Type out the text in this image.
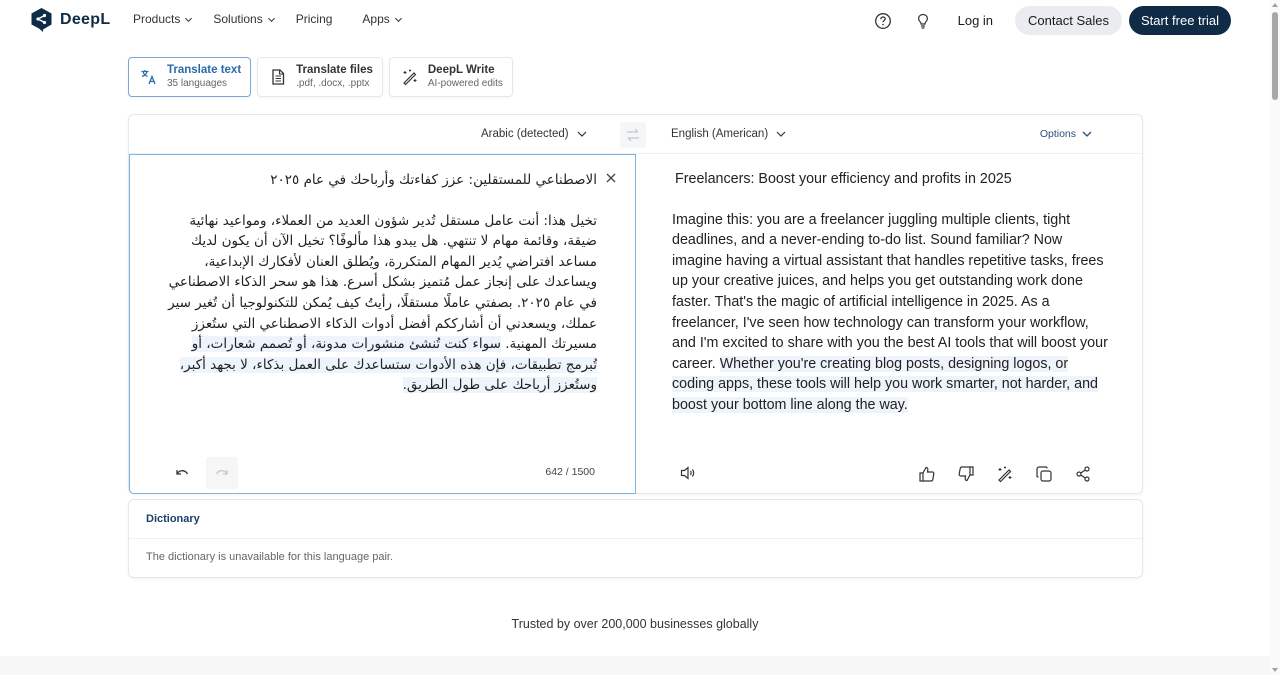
DeepL Products	Solutions	Pricing	Apps	Log in	Contact Sales	Start free trial
Translate text
35 languages
Translate files
.pdf, .docx, .pptx
DeepL Write
AI-powered edits
Arabic (detected)	English (American)	Options
الاصطناعي للمستقلين: عزز كفاءتك وأرباحك في عام ٢٠٢٥
تخيل هذا: أنت عامل مستقل تُدير شؤون العديد من العملاء، ومواعيد نهائية ضيقة، وقائمة مهام لا تنتهي. هل يبدو هذا مألوفًا؟ تخيل الآن أن يكون لديك مساعد افتراضي يُدير المهام المتكررة، ويُطلق العنان لأفكارك الإبداعية، ويساعدك على إنجاز عمل مُتميز بشكل أسرع. هذا هو سحر الذكاء الاصطناعي في عام ٢٠٢٥. بصفتي عاملًا مستقلًا، رأيتُ كيف يُمكن للتكنولوجيا أن تُغير سير عملك، ويسعدني أن أشارككم أفضل أدوات الذكاء الاصطناعي التي ستُعزز مسيرتك المهنية. سواء كنت تُنشئ منشورات مدونة، أو تُصمم شعارات، أو تُبرمج تطبيقات، فإن هذه الأدوات ستساعدك على العمل بذكاء، لا بجهد أكبر، وستُعزز أرباحك على طول الطريق.
642 / 1500
Freelancers: Boost your efficiency and profits in 2025
Imagine this: you are a freelancer juggling multiple clients, tight deadlines, and a never-ending to-do list. Sound familiar? Now imagine having a virtual assistant that handles repetitive tasks, frees up your creative juices, and helps you get outstanding work done faster. That's the magic of artificial intelligence in 2025. As a freelancer, I've seen how technology can transform your workflow, and I'm excited to share with you the best AI tools that will boost your career. Whether you're creating blog posts, designing logos, or coding apps, these tools will help you work smarter, not harder, and boost your bottom line along the way.
Dictionary
The dictionary is unavailable for this language pair.
Trusted by over 200,000 businesses globally
